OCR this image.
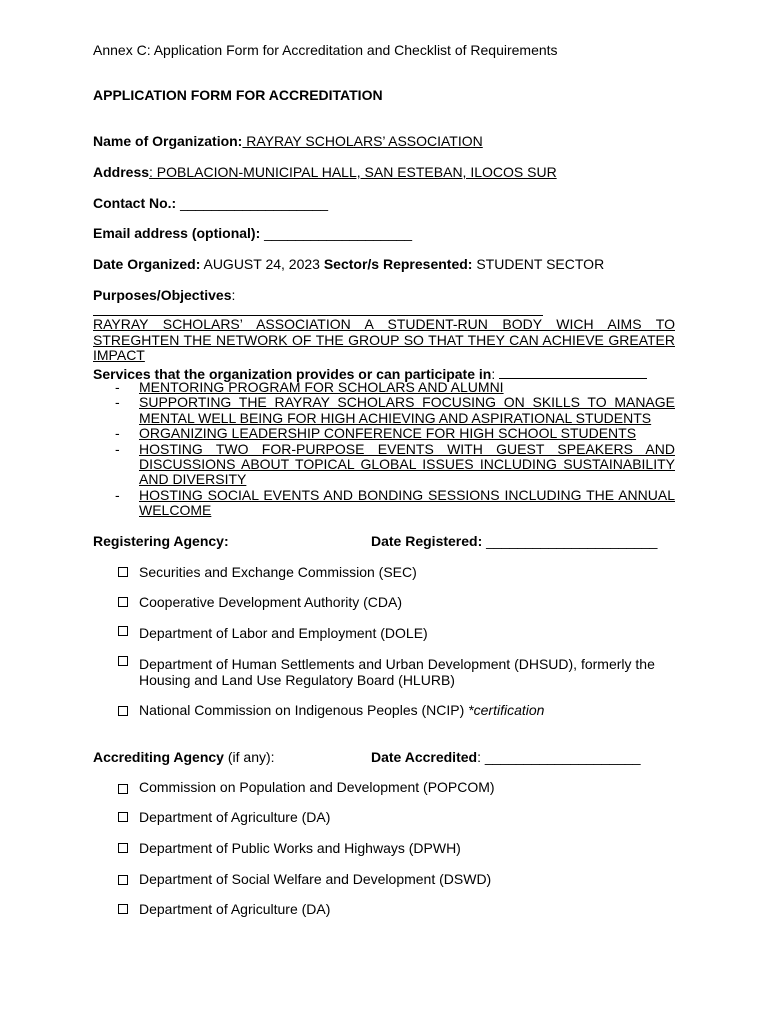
Annex C: Application Form for Accreditation and Checklist of Requirements
APPLICATION FORM FOR ACCREDITATION
Name of Organization: RAYRAY SCHOLARS’ ASSOCIATION
Address: POBLACION-MUNICIPAL HALL, SAN ESTEBAN, ILOCOS SUR
Contact No.: ___________________
Email address (optional): ___________________
Date Organized: AUGUST 24, 2023 Sector/s Represented: STUDENT SECTOR
Purposes/Objectives:
RAYRAY SCHOLARS’ ASSOCIATION A STUDENT-RUN BODY WICH AIMS TO STREGHTEN THE NETWORK OF THE GROUP SO THAT THEY CAN ACHIEVE GREATER IMPACT
Services that the organization provides or can participate in:
- MENTORING PROGRAM FOR SCHOLARS AND ALUMNI
- SUPPORTING THE RAYRAY SCHOLARS FOCUSING ON SKILLS TO MANAGE MENTAL WELL BEING FOR HIGH ACHIEVING AND ASPIRATIONAL STUDENTS
- ORGANIZING LEADERSHIP CONFERENCE FOR HIGH SCHOOL STUDENTS
- HOSTING TWO FOR-PURPOSE EVENTS WITH GUEST SPEAKERS AND DISCUSSIONS ABOUT TOPICAL GLOBAL ISSUES INCLUDING SUSTAINABILITY AND DIVERSITY
- HOSTING SOCIAL EVENTS AND BONDING SESSIONS INCLUDING THE ANNUAL WELCOME
Registering Agency:	Date Registered: ______________________
Securities and Exchange Commission (SEC)
Cooperative Development Authority (CDA)
Department of Labor and Employment (DOLE)
Department of Human Settlements and Urban Development (DHSUD), formerly the Housing and Land Use Regulatory Board (HLURB)
National Commission on Indigenous Peoples (NCIP) *certification
Accrediting Agency (if any):	Date Accredited: ____________________
Commission on Population and Development (POPCOM)
Department of Agriculture (DA)
Department of Public Works and Highways (DPWH)
Department of Social Welfare and Development (DSWD)
Department of Agriculture (DA)
